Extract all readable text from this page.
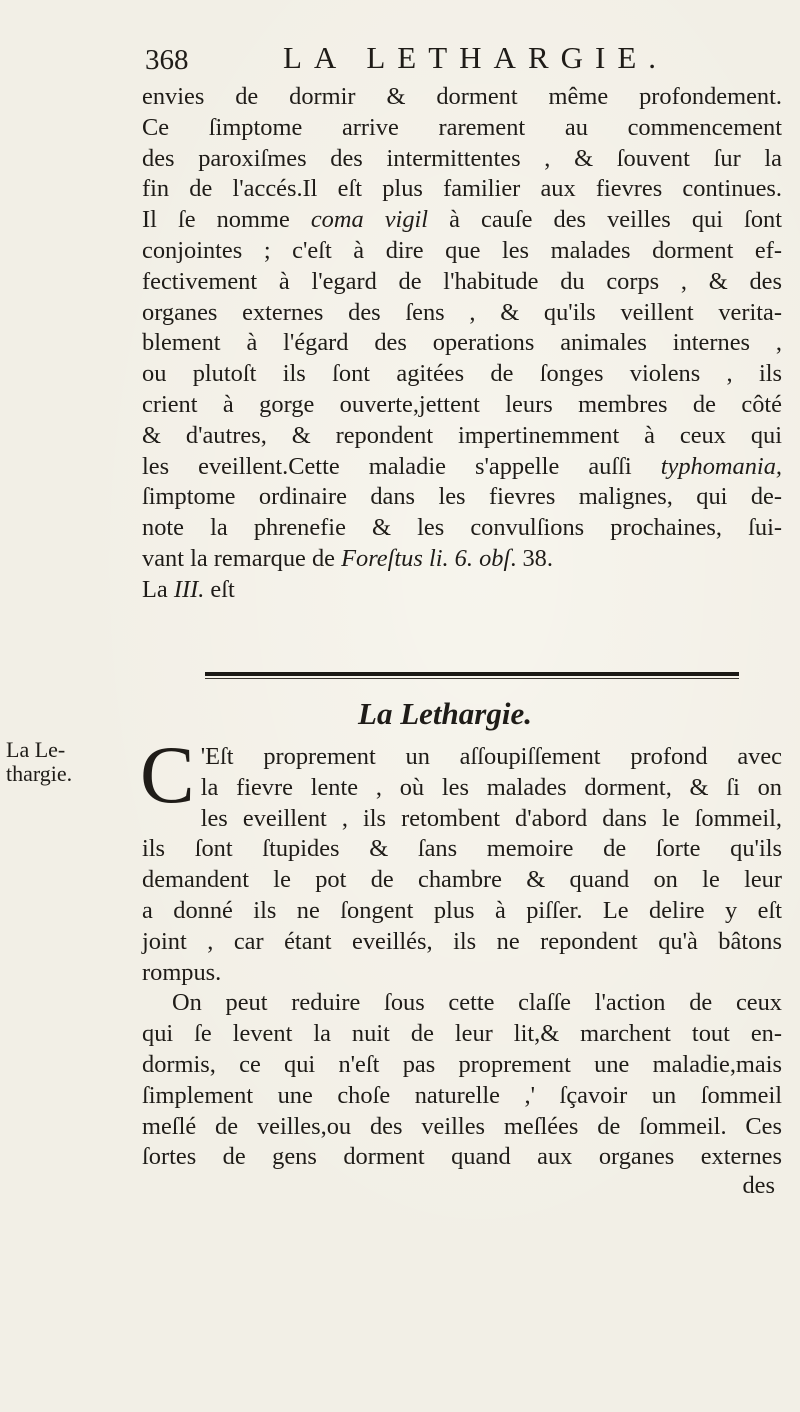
368	LA LETHARGIE.
envies de dormir & dorment même profondement.
Ce ſimptome arrive rarement au commencement
des paroxiſmes des intermittentes , & ſouvent ſur la
fin de l'accés.Il eſt plus familier aux fievres continues.
Il ſe nomme coma vigil à cauſe des veilles qui ſont
conjointes ; c'eſt à dire que les malades dorment ef-
fectivement à l'egard de l'habitude du corps , & des
organes externes des ſens , & qu'ils veillent verita-
blement à l'égard des operations animales internes ,
ou plutoſt ils ſont agitées de ſonges violens , ils
crient à gorge ouverte,jettent leurs membres de côté
& d'autres, & repondent impertinemment à ceux qui
les eveillent.Cette maladie s'appelle auſſi typhomania,
ſimptome ordinaire dans les fievres malignes, qui de-
note la phrenefie & les convulſions prochaines, ſui-
vant la remarque de Foreſtus li. 6. obſ. 38.
La III. eſt
La Lethargie.
La Le-
thargie. C 'Eſt proprement un aſſoupiſſement profond avec
la fievre lente , où les malades dorment, & ſi on
les eveillent , ils retombent d'abord dans le ſommeil,
ils ſont ſtupides & ſans memoire de ſorte qu'ils
demandent le pot de chambre & quand on le leur
a donné ils ne ſongent plus à piſſer. Le delire y eſt
joint , car étant eveillés, ils ne repondent qu'à bâtons
rompus.
On peut reduire ſous cette claſſe l'action de ceux
qui ſe levent la nuit de leur lit,& marchent tout en-
dormis, ce qui n'eſt pas proprement une maladie,mais
ſimplement une choſe naturelle ,' ſçavoir un ſommeil
meſlé de veilles,ou des veilles meſlées de ſommeil. Ces
ſortes de gens dorment quand aux organes externes
des
